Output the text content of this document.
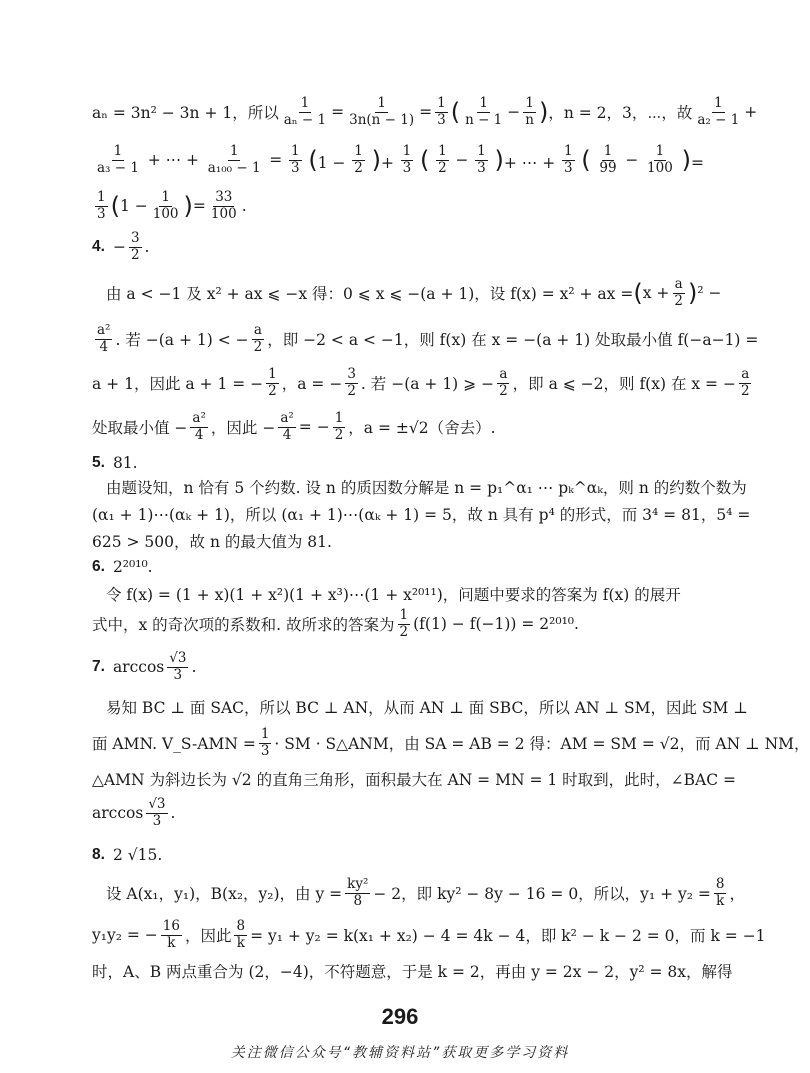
aₙ = 3n² − 3n + 1，所以 $\frac{1}{\text{aₙ − 1}} = \frac{1}{3n(n - 1)} = \frac{1}{3}$ ( $\frac{1}{n - 1} - \frac{1}{n}$ ) ，n = 2，3，⋯，故 $\frac{1}{\text{a₂ − 1}}$ +
$\frac{1}{\text{a₃ − 1}}$ + ⋯ + $\frac{1}{\text{a₁₀₀ − 1}} = \frac{1}{3} (1 - \frac{1}{2}$ )+ $\frac{1}{3}$ ( $\frac{1}{2} - \frac{1}{3}$ )+ ⋯ + $\frac{1}{3}$ ( $\frac{1}{99} - \frac{1}{100}$ )=
$\frac{1}{3}$ ( $1 - \frac{1}{100}$ ) = $\frac{33}{100}$ .
4. − $\frac{3}{2}$ .
由 a < −1 及 x² + ax ⩽ −x 得：0 ⩽ x ⩽ −(a + 1)，设 f(x) = x² + ax = ( $x + \frac{a}{2}$ ) ² −
$\frac{\text{a²}}{4}$ . 若 −(a + 1) < − $\frac{a}{2}$ ，即 −2 < a < −1，则 f(x) 在 x = −(a + 1) 处取最小值 f(−a−1) =
a + 1，因此 a + 1 = − $\frac{1}{2}$ ，a = − $\frac{3}{2}$ . 若 −(a + 1) ⩾ − $\frac{a}{2}$ ，即 a ⩽ −2，则 f(x) 在 x = − $\frac{a}{2}$
处取最小值 − $\frac{\text{a²}}{4}$ ，因此 − $\frac{\text{a²}}{4}$ = − $\frac{1}{2}$ ，a = ±√2（舍去）.
5. 81.
由题设知，n 恰有 5 个约数. 设 n 的质因数分解是 n = p₁^α₁ ⋯ pₖ^αₖ，则 n 的约数个数为
(α₁ + 1)⋯(αₖ + 1)，所以 (α₁ + 1)⋯(αₖ + 1) = 5，故 n 具有 p⁴ 的形式，而 3⁴ = 81，5⁴ =
625 > 500，故 n 的最大值为 81.
6. 2²⁰¹⁰.
令 f(x) = (1 + x)(1 + x²)(1 + x³)⋯(1 + x²⁰¹¹)，问题中要求的答案为 f(x) 的展开
式中，x 的奇次项的系数和. 故所求的答案为 $\frac{1}{2} (f(1) - f(-1)) = 2^{2010}$.
7. $\arccos \frac{√3}{3}$ .
易知 BC ⊥ 面 SAC，所以 BC ⊥ AN，从而 AN ⊥ 面 SBC，所以 AN ⊥ SM，因此 SM ⊥
面 AMN. V_S-AMN = $\frac{1}{3}$ · SM · S△ANM，由 SA = AB = 2 得：AM = SM = √2，而 AN ⊥ NM，
△AMN 为斜边长为 √2 的直角三角形，面积最大在 AN = MN = 1 时取到，此时，∠BAC =
$\arccos \frac{√3}{3}$ .
8. 2 √15.
设 A(x₁，y₁)，B(x₂，y₂)，由 $y = \frac{\text{ky²}}{8} - 2$，即 ky² − 8y − 16 = 0，所以，$y_1 + y_2 = \frac{8}{k}$ ，
y₁y₂ = − $\frac{16}{k}$ ，因此 $\frac{8}{k} = y_1 + y_2 = k(x_1 + x_2) - 4 = 4k - 4$，即 k² − k − 2 = 0，而 k = −1
时，A、B 两点重合为 (2，−4)，不符题意，于是 k = 2，再由 y = 2x − 2，y² = 8x，解得
296
关注微信公众号“教辅资料站”获取更多学习资料
